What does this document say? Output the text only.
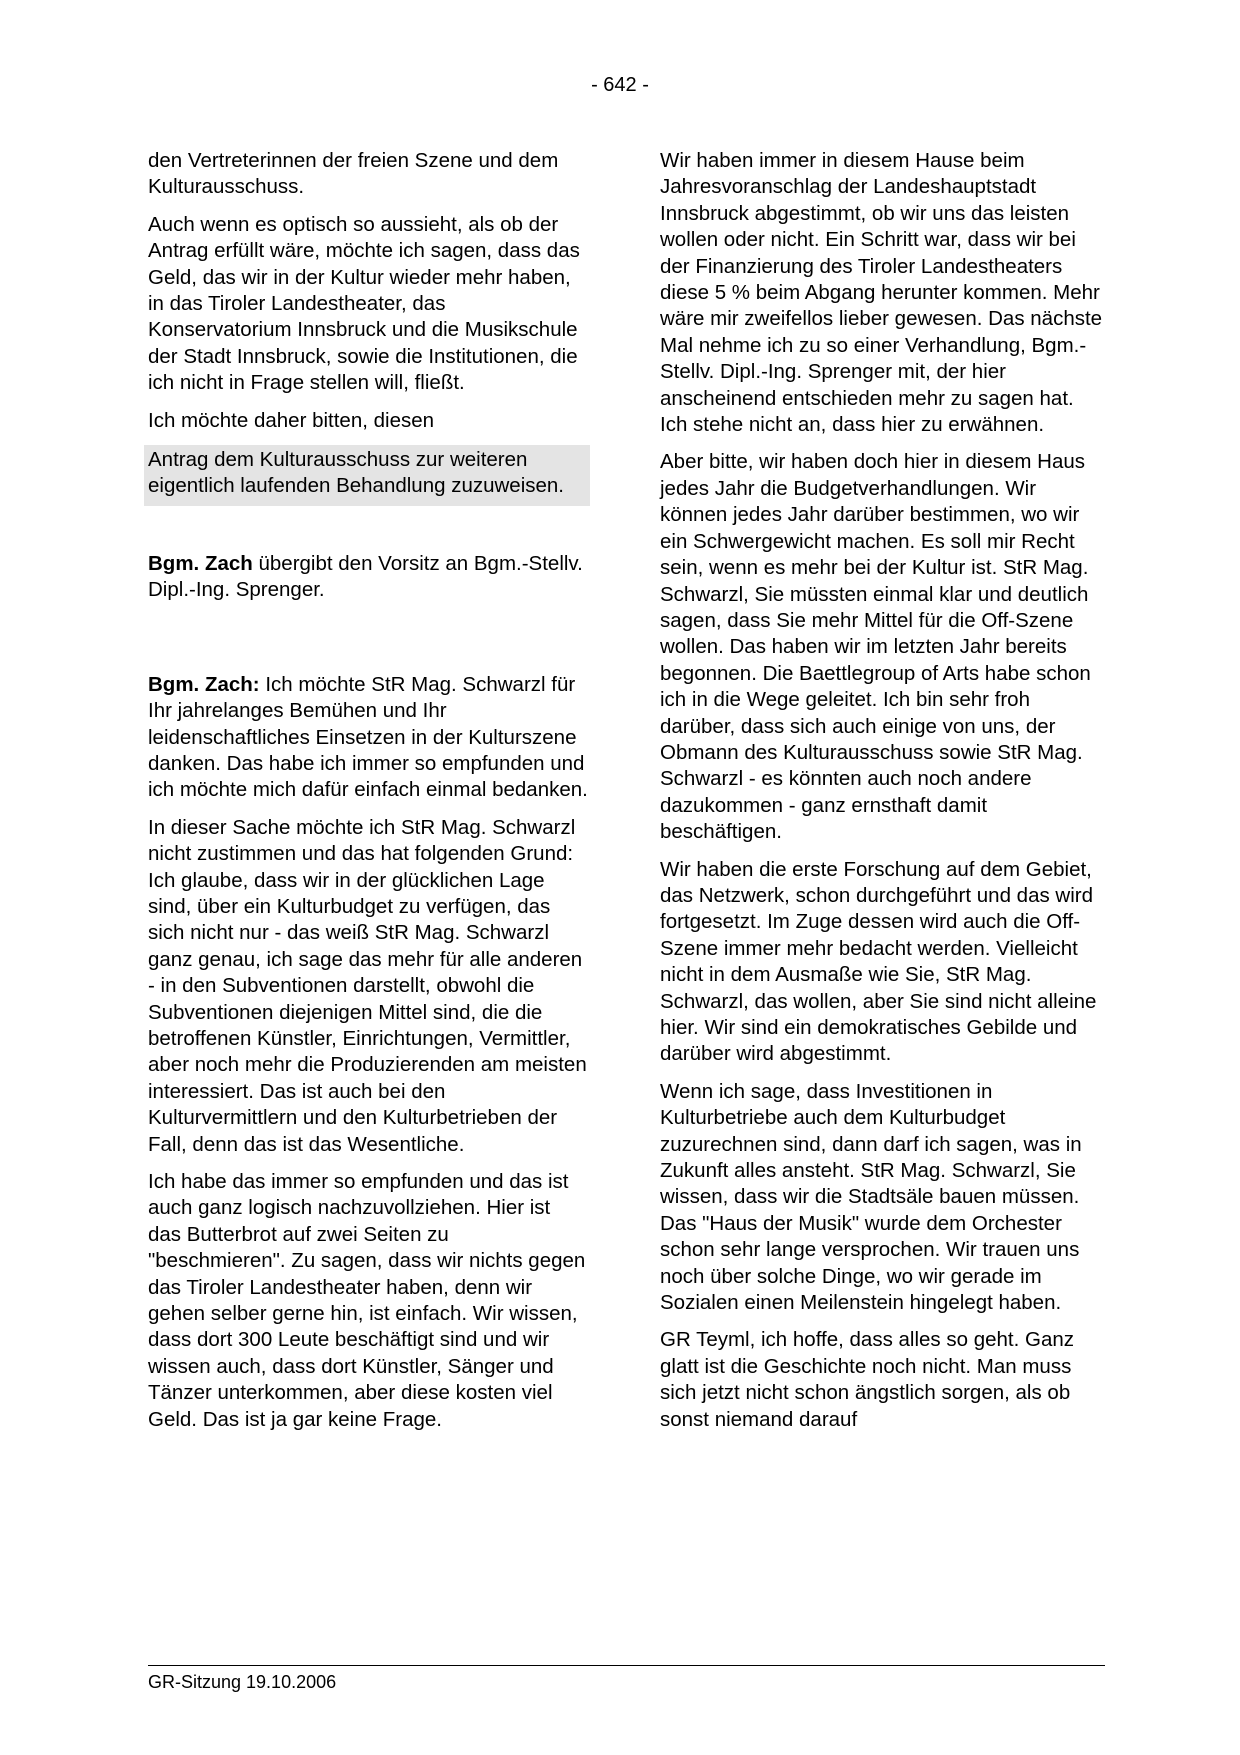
- 642 -

den Vertreterinnen der freien Szene und dem Kulturausschuss.

Auch wenn es optisch so aussieht, als ob der Antrag erfüllt wäre, möchte ich sagen, dass das Geld, das wir in der Kultur wieder mehr haben, in das Tiroler Landestheater, das Konservatorium Innsbruck und die Musikschule der Stadt Innsbruck, sowie die Institutionen, die ich nicht in Frage stellen will, fließt.

Ich möchte daher bitten, diesen

Antrag dem Kulturausschuss zur weiteren eigentlich laufenden Behandlung zuzuweisen.

Bgm. Zach übergibt den Vorsitz an Bgm.-Stellv. Dipl.-Ing. Sprenger.

Bgm. Zach: Ich möchte StR Mag. Schwarzl für Ihr jahrelanges Bemühen und Ihr leidenschaftliches Einsetzen in der Kulturszene danken. Das habe ich immer so empfunden und ich möchte mich dafür einfach einmal bedanken.

In dieser Sache möchte ich StR Mag. Schwarzl nicht zustimmen und das hat folgenden Grund: Ich glaube, dass wir in der glücklichen Lage sind, über ein Kulturbudget zu verfügen, das sich nicht nur - das weiß StR Mag. Schwarzl ganz genau, ich sage das mehr für alle anderen - in den Subventionen darstellt, obwohl die Subventionen diejenigen Mittel sind, die die betroffenen Künstler, Einrichtungen, Vermittler, aber noch mehr die Produzierenden am meisten interessiert. Das ist auch bei den Kulturvermittlern und den Kulturbetrieben der Fall, denn das ist das Wesentliche.

Ich habe das immer so empfunden und das ist auch ganz logisch nachzuvollziehen. Hier ist das Butterbrot auf zwei Seiten zu "beschmieren". Zu sagen, dass wir nichts gegen das Tiroler Landestheater haben, denn wir gehen selber gerne hin, ist einfach. Wir wissen, dass dort 300 Leute beschäftigt sind und wir wissen auch, dass dort Künstler, Sänger und Tänzer unterkommen, aber diese kosten viel Geld. Das ist ja gar keine Frage.

Wir haben immer in diesem Hause beim Jahresvoranschlag der Landeshauptstadt Innsbruck abgestimmt, ob wir uns das leisten wollen oder nicht. Ein Schritt war, dass wir bei der Finanzierung des Tiroler Landestheaters diese 5 % beim Abgang herunter kommen. Mehr wäre mir zweifellos lieber gewesen. Das nächste Mal nehme ich zu so einer Verhandlung, Bgm.-Stellv. Dipl.-Ing. Sprenger mit, der hier anscheinend entschieden mehr zu sagen hat. Ich stehe nicht an, dass hier zu erwähnen.

Aber bitte, wir haben doch hier in diesem Haus jedes Jahr die Budgetverhandlungen. Wir können jedes Jahr darüber bestimmen, wo wir ein Schwergewicht machen. Es soll mir Recht sein, wenn es mehr bei der Kultur ist. StR Mag. Schwarzl, Sie müssten einmal klar und deutlich sagen, dass Sie mehr Mittel für die Off-Szene wollen. Das haben wir im letzten Jahr bereits begonnen. Die Baettlegroup of Arts habe schon ich in die Wege geleitet. Ich bin sehr froh darüber, dass sich auch einige von uns, der Obmann des Kulturausschuss sowie StR Mag. Schwarzl - es könnten auch noch andere dazukommen - ganz ernsthaft damit beschäftigen.

Wir haben die erste Forschung auf dem Gebiet, das Netzwerk, schon durchgeführt und das wird fortgesetzt. Im Zuge dessen wird auch die Off-Szene immer mehr bedacht werden. Vielleicht nicht in dem Ausmaße wie Sie, StR Mag. Schwarzl, das wollen, aber Sie sind nicht alleine hier. Wir sind ein demokratisches Gebilde und darüber wird abgestimmt.

Wenn ich sage, dass Investitionen in Kulturbetriebe auch dem Kulturbudget zuzurechnen sind, dann darf ich sagen, was in Zukunft alles ansteht. StR Mag. Schwarzl, Sie wissen, dass wir die Stadtsäle bauen müssen. Das "Haus der Musik" wurde dem Orchester schon sehr lange versprochen. Wir trauen uns noch über solche Dinge, wo wir gerade im Sozialen einen Meilenstein hingelegt haben.

GR Teyml, ich hoffe, dass alles so geht. Ganz glatt ist die Geschichte noch nicht. Man muss sich jetzt nicht schon ängstlich sorgen, als ob sonst niemand darauf

GR-Sitzung 19.10.2006
